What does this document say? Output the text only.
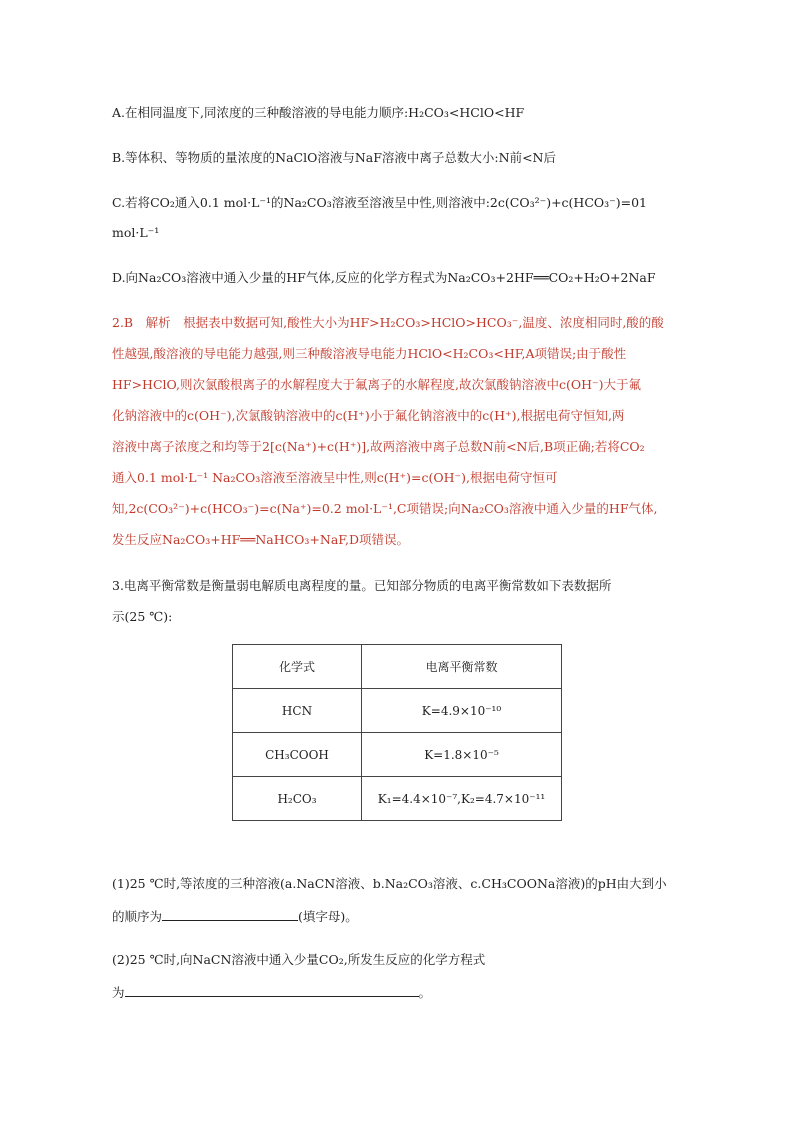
A.在相同温度下,同浓度的三种酸溶液的导电能力顺序:H₂CO₃<HClO<HF
B.等体积、等物质的量浓度的NaClO溶液与NaF溶液中离子总数大小:N前<N后
C.若将CO₂通入0.1 mol·L⁻¹的Na₂CO₃溶液至溶液呈中性,则溶液中:2c(CO₃²⁻)+c(HCO₃⁻)=01
mol·L⁻¹
D.向Na₂CO₃溶液中通入少量的HF气体,反应的化学方程式为Na₂CO₃+2HF══CO₂+H₂O+2NaF
2.B　解析　根据表中数据可知,酸性大小为HF>H₂CO₃>HClO>HCO₃⁻,温度、浓度相同时,酸的酸
性越强,酸溶液的导电能力越强,则三种酸溶液导电能力HClO<H₂CO₃<HF,A项错误;由于酸性
HF>HClO,则次氯酸根离子的水解程度大于氟离子的水解程度,故次氯酸钠溶液中c(OH⁻)大于氟
化钠溶液中的c(OH⁻),次氯酸钠溶液中的c(H⁺)小于氟化钠溶液中的c(H⁺),根据电荷守恒知,两
溶液中离子浓度之和均等于2[c(Na⁺)+c(H⁺)],故两溶液中离子总数N前<N后,B项正确;若将CO₂
通入0.1 mol·L⁻¹ Na₂CO₃溶液至溶液呈中性,则c(H⁺)=c(OH⁻),根据电荷守恒可
知,2c(CO₃²⁻)+c(HCO₃⁻)=c(Na⁺)=0.2 mol·L⁻¹,C项错误;向Na₂CO₃溶液中通入少量的HF气体,
发生反应Na₂CO₃+HF══NaHCO₃+NaF,D项错误。
3.电离平衡常数是衡量弱电解质电离程度的量。已知部分物质的电离平衡常数如下表数据所
示(25 ℃):
化学式	电离平衡常数
HCN	K=4.9×10⁻¹⁰
CH₃COOH	K=1.8×10⁻⁵
H₂CO₃	K₁=4.4×10⁻⁷,K₂=4.7×10⁻¹¹
(1)25 ℃时,等浓度的三种溶液(a.NaCN溶液、b.Na₂CO₃溶液、c.CH₃COONa溶液)的pH由大到小
的顺序为	(填字母)。
(2)25 ℃时,向NaCN溶液中通入少量CO₂,所发生反应的化学方程式
为	。
